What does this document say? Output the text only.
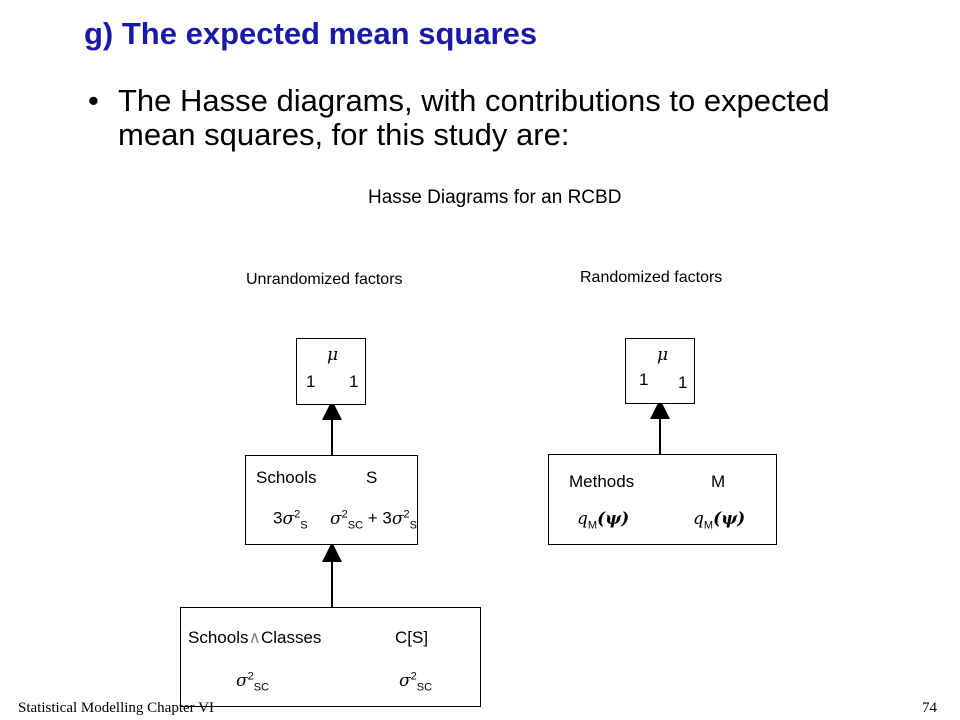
g) The expected mean squares
• The Hasse diagrams, with contributions to expected mean squares, for this study are:
Hasse Diagrams for an RCBD
Unrandomized factors	Randomized factors
μ
1 1
Schools	S
$3\sigma^2_S$ $\sigma^2_{SC} + 3\sigma^2_S$
Schools∧Classes	C[S]
$\sigma^2_{SC}$	$\sigma^2_{SC}$
μ
1 1
Methods	M
$q_M(\psi)$	$q_M(\psi)$
Statistical Modelling Chapter VI	74
